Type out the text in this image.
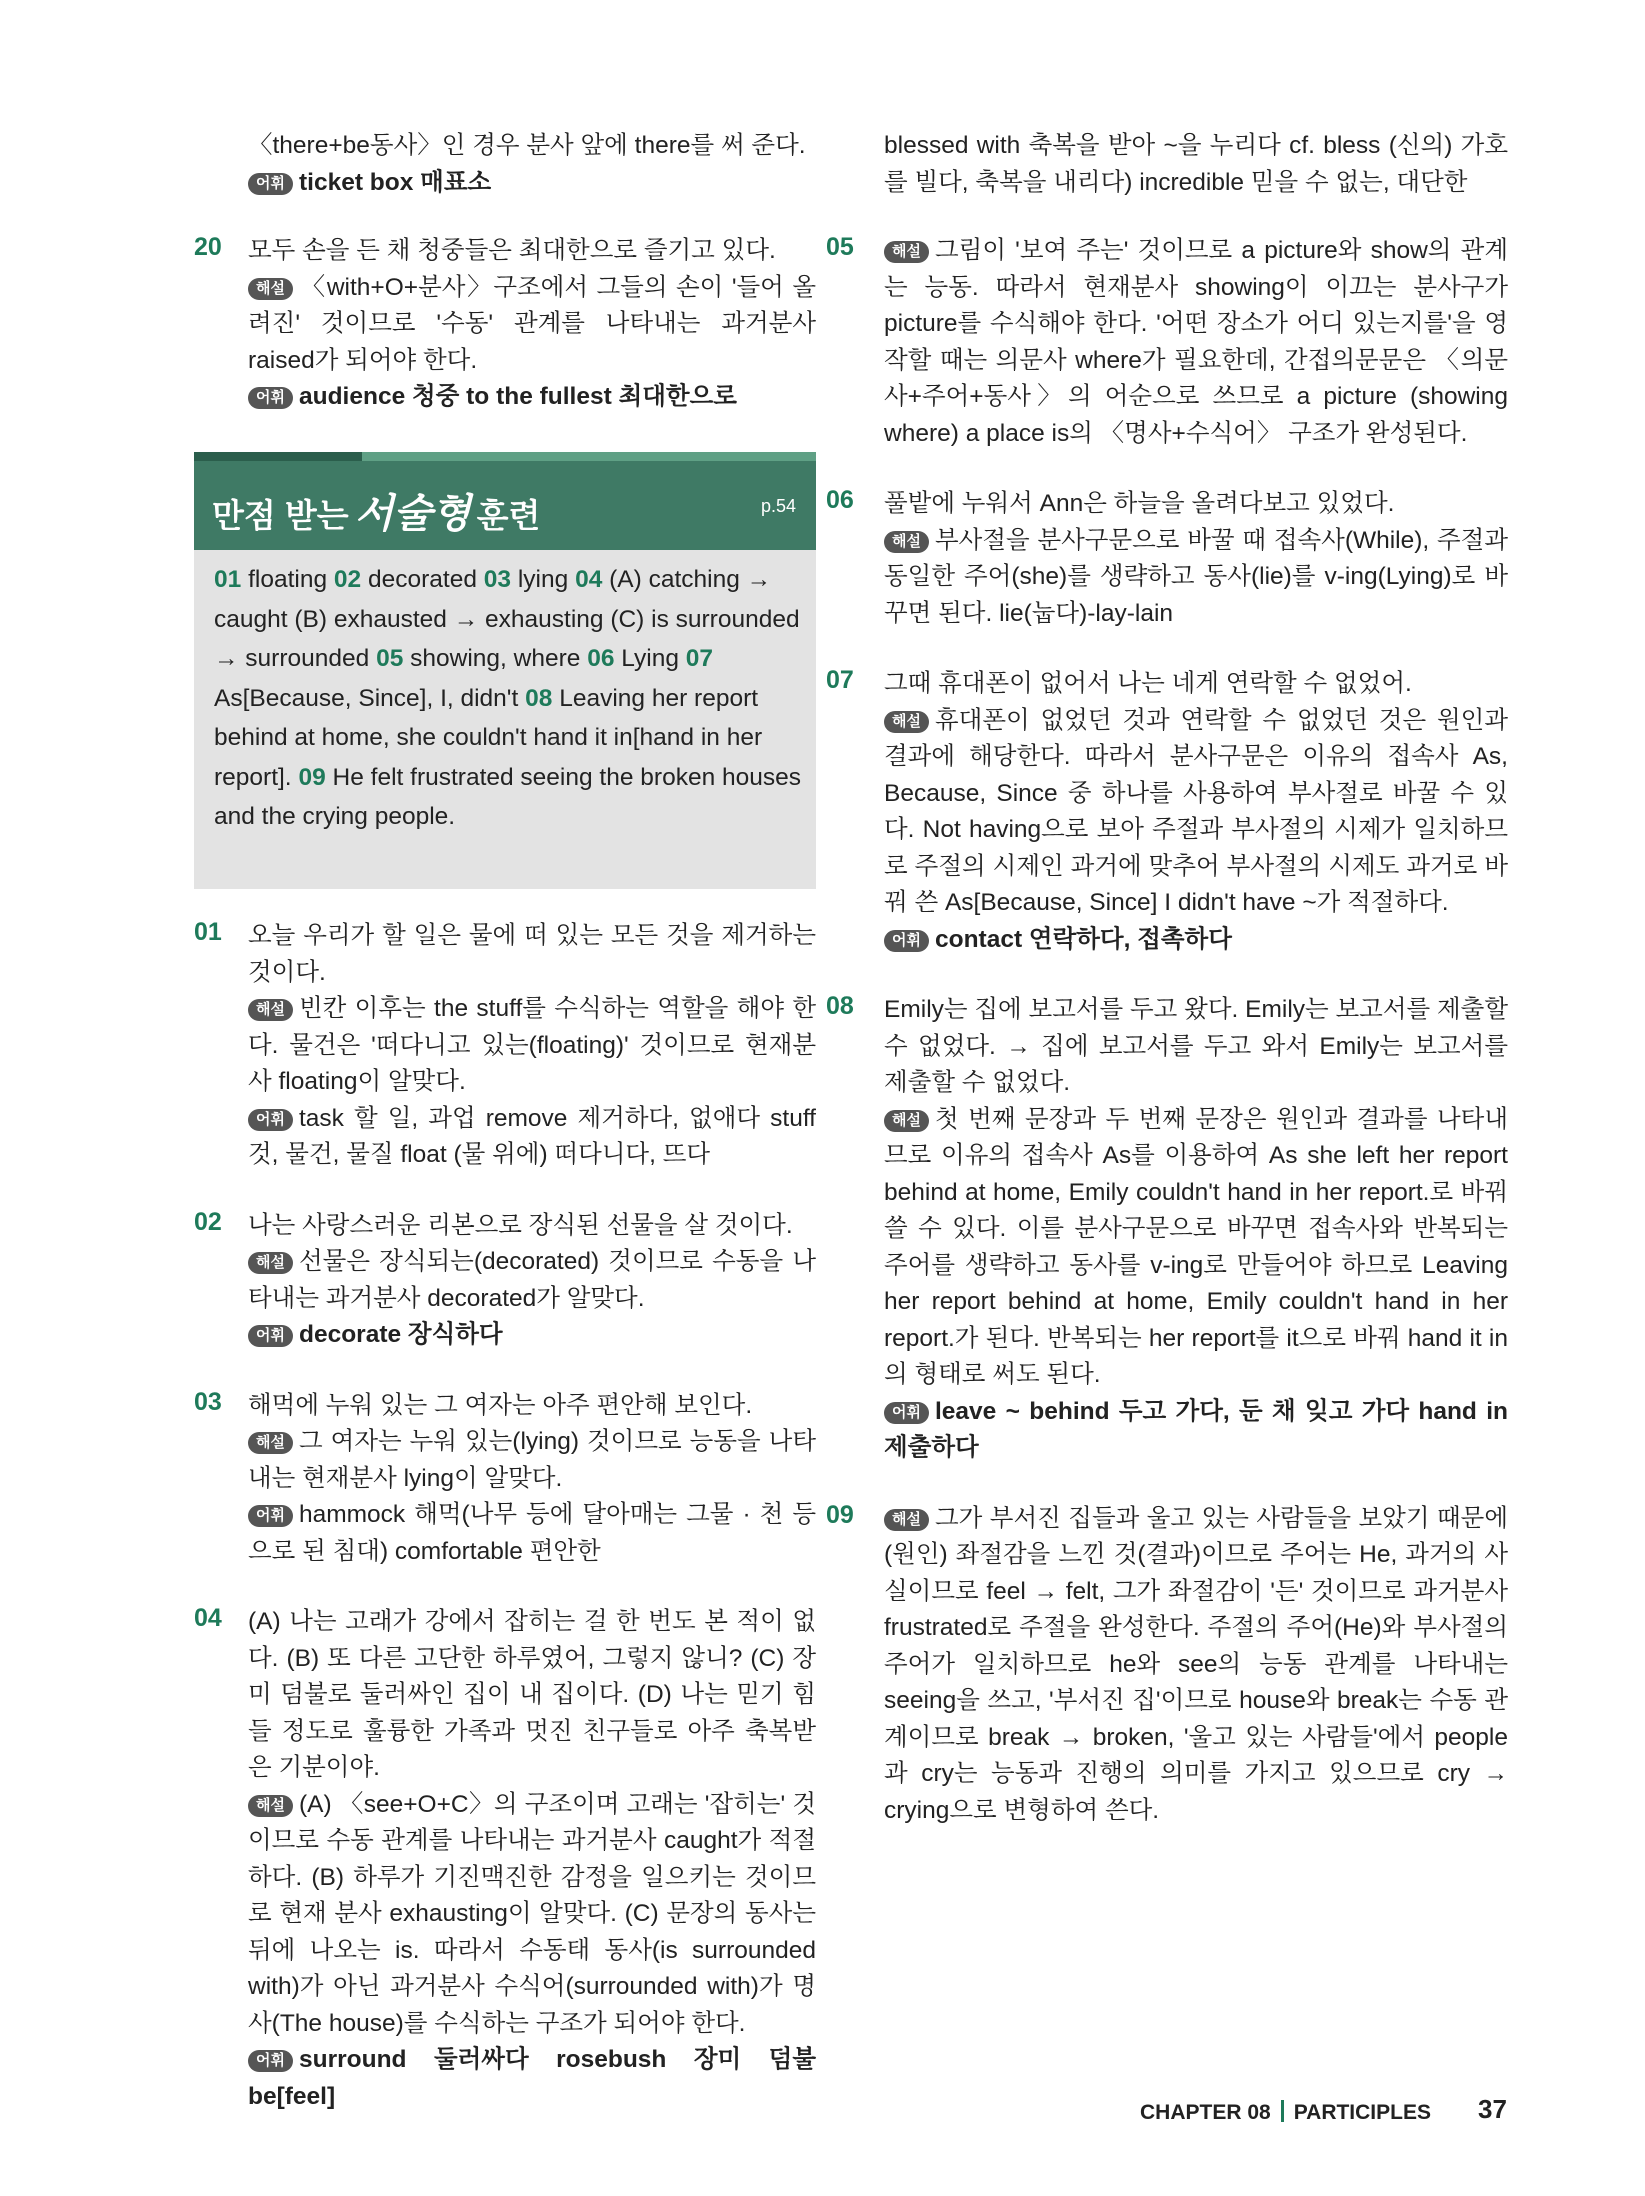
〈there+be동사〉인 경우 분사 앞에 there를 써 준다.

어휘 ticket box 매표소

20 모두 손을 든 채 청중들은 최대한으로 즐기고 있다.

해설 〈with+O+분사〉구조에서 그들의 손이 '들어 올려진' 것이므로 '수동' 관계를 나타내는 과거분사 raised가 되어야 한다.

어휘 audience 청중 to the fullest 최대한으로

만점 받는 서술형 훈련	p.54
01 floating 02 decorated 03 lying 04 (A) catching → caught (B) exhausted → exhausting (C) is surrounded → surrounded 05 showing, where 06 Lying 07 As[Because, Since], I, didn't 08 Leaving her report behind at home, she couldn't hand it in[hand in her report]. 09 He felt frustrated seeing the broken houses and the crying people.
01 오늘 우리가 할 일은 물에 떠 있는 모든 것을 제거하는 것이다.

해설 빈칸 이후는 the stuff를 수식하는 역할을 해야 한다. 물건은 '떠다니고 있는(floating)' 것이므로 현재분사 floating이 알맞다.

어휘 task 할 일, 과업 remove 제거하다, 없애다 stuff 것, 물건, 물질 float (물 위에) 떠다니다, 뜨다

02 나는 사랑스러운 리본으로 장식된 선물을 살 것이다.

해설 선물은 장식되는(decorated) 것이므로 수동을 나타내는 과거분사 decorated가 알맞다.

어휘 decorate 장식하다

03 해먹에 누워 있는 그 여자는 아주 편안해 보인다.

해설 그 여자는 누워 있는(lying) 것이므로 능동을 나타내는 현재분사 lying이 알맞다.

어휘 hammock 해먹(나무 등에 달아매는 그물 · 천 등으로 된 침대) comfortable 편안한

04 (A) 나는 고래가 강에서 잡히는 걸 한 번도 본 적이 없다. (B) 또 다른 고단한 하루였어, 그렇지 않니? (C) 장미 덤불로 둘러싸인 집이 내 집이다. (D) 나는 믿기 힘들 정도로 훌륭한 가족과 멋진 친구들로 아주 축복받은 기분이야.

해설 (A) 〈see+O+C〉의 구조이며 고래는 '잡히는' 것이므로 수동 관계를 나타내는 과거분사 caught가 적절하다. (B) 하루가 기진맥진한 감정을 일으키는 것이므로 현재 분사 exhausting이 알맞다. (C) 문장의 동사는 뒤에 나오는 is. 따라서 수동태 동사(is surrounded with)가 아닌 과거분사 수식어(surrounded with)가 명사(The house)를 수식하는 구조가 되어야 한다.

어휘 surround 둘러싸다 rosebush 장미 덤불 be[feel]

blessed with 축복을 받아 ~을 누리다 cf. bless (신의) 가호를 빌다, 축복을 내리다) incredible 믿을 수 없는, 대단한

05	해설 그림이 '보여 주는' 것이므로 a picture와 show의 관계는 능동. 따라서 현재분사 showing이 이끄는 분사구가 picture를 수식해야 한다. '어떤 장소가 어디 있는지를'을 영작할 때는 의문사 where가 필요한데, 간접의문문은 〈의문사+주어+동사〉의 어순으로 쓰므로 a picture (showing where) a place is의 〈명사+수식어〉 구조가 완성된다.

06 풀밭에 누워서 Ann은 하늘을 올려다보고 있었다.

해설 부사절을 분사구문으로 바꿀 때 접속사(While), 주절과 동일한 주어(she)를 생략하고 동사(lie)를 v-ing(Lying)로 바꾸면 된다. lie(눕다)-lay-lain

07 그때 휴대폰이 없어서 나는 네게 연락할 수 없었어.

해설 휴대폰이 없었던 것과 연락할 수 없었던 것은 원인과 결과에 해당한다. 따라서 분사구문은 이유의 접속사 As, Because, Since 중 하나를 사용하여 부사절로 바꿀 수 있다. Not having으로 보아 주절과 부사절의 시제가 일치하므로 주절의 시제인 과거에 맞추어 부사절의 시제도 과거로 바꿔 쓴 As[Because, Since] I didn't have ~가 적절하다.

어휘 contact 연락하다, 접촉하다

08 Emily는 집에 보고서를 두고 왔다. Emily는 보고서를 제출할 수 없었다. → 집에 보고서를 두고 와서 Emily는 보고서를 제출할 수 없었다.

해설 첫 번째 문장과 두 번째 문장은 원인과 결과를 나타내므로 이유의 접속사 As를 이용하여 As she left her report behind at home, Emily couldn't hand in her report.로 바꿔 쓸 수 있다. 이를 분사구문으로 바꾸면 접속사와 반복되는 주어를 생략하고 동사를 v-ing로 만들어야 하므로 Leaving her report behind at home, Emily couldn't hand in her report.가 된다. 반복되는 her report를 it으로 바꿔 hand it in의 형태로 써도 된다.

어휘 leave ~ behind 두고 가다, 둔 채 잊고 가다 hand in 제출하다

09	해설 그가 부서진 집들과 울고 있는 사람들을 보았기 때문에(원인) 좌절감을 느낀 것(결과)이므로 주어는 He, 과거의 사실이므로 feel → felt, 그가 좌절감이 '든' 것이므로 과거분사 frustrated로 주절을 완성한다. 주절의 주어(He)와 부사절의 주어가 일치하므로 he와 see의 능동 관계를 나타내는 seeing을 쓰고, '부서진 집'이므로 house와 break는 수동 관계이므로 break → broken, '울고 있는 사람들'에서 people과 cry는 능동과 진행의 의미를 가지고 있으므로 cry → crying으로 변형하여 쓴다.

CHAPTER 08 PARTICIPLES	37
